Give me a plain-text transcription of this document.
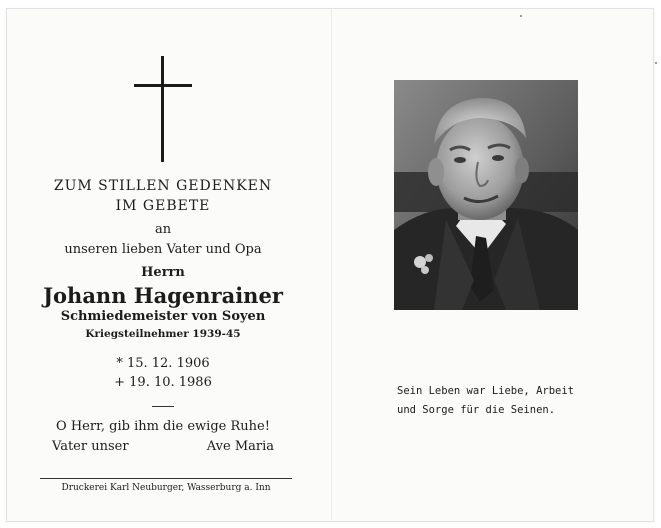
ZUM STILLEN GEDENKEN
IM GEBETE
an
unseren lieben Vater und Opa
Herrn
Johann Hagenrainer
Schmiedemeister von Soyen
Kriegsteilnehmer 1939-45
* 15. 12. 1906
+ 19. 10. 1986
O Herr, gib ihm die ewige Ruhe!
Vater unser	Ave Maria
Druckerei Karl Neuburger, Wasserburg a. Inn
Sein Leben war Liebe, Arbeit
und Sorge für die Seinen.
